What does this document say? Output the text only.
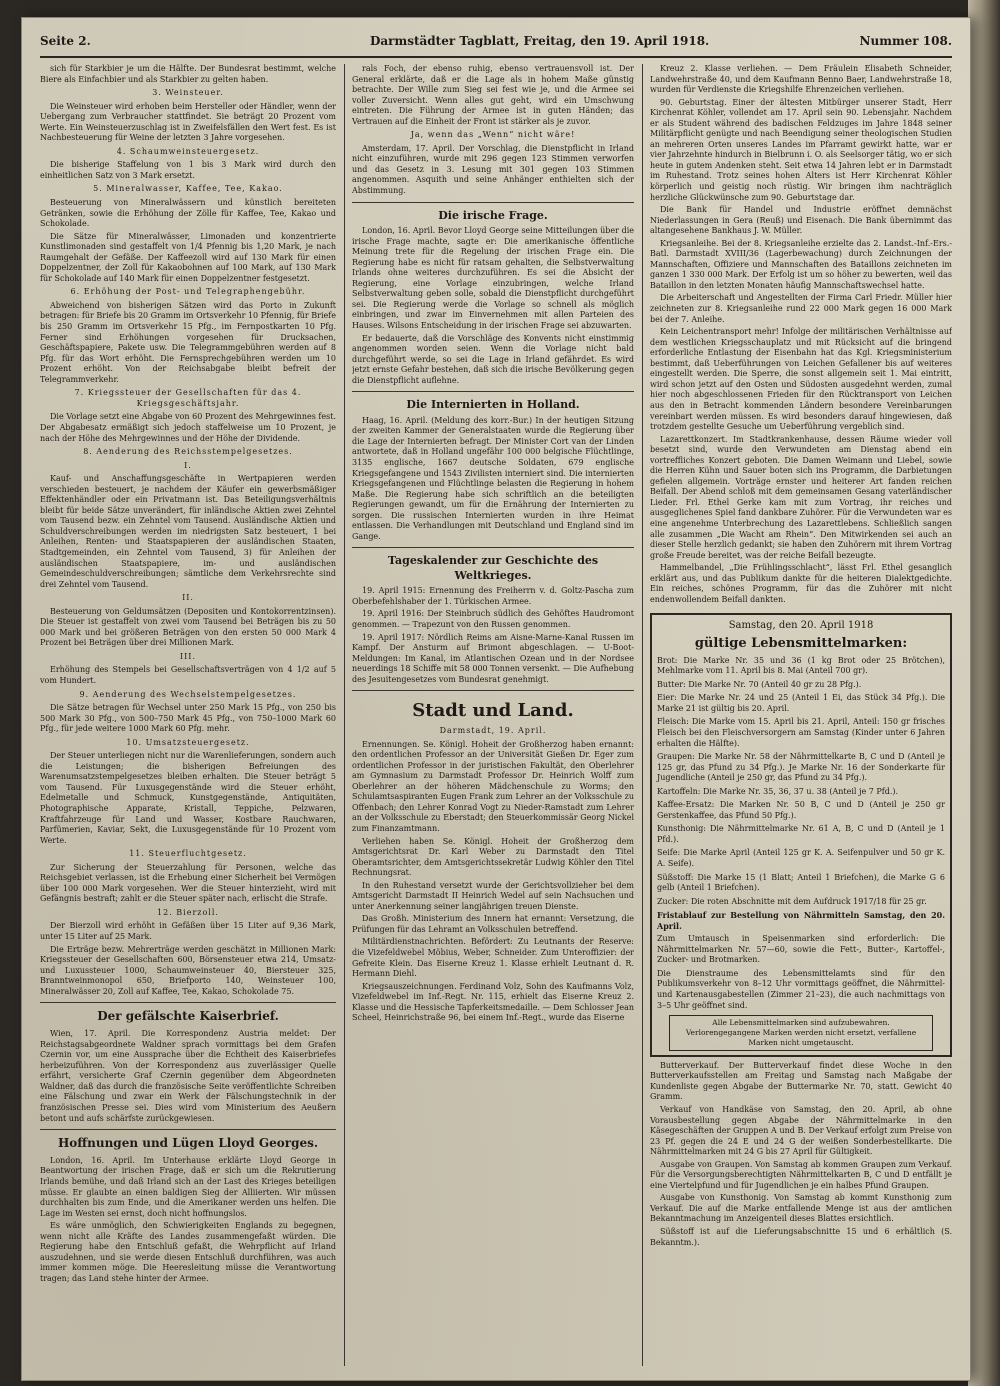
Seite 2.	Darmstädter Tagblatt, Freitag, den 19. April 1918.	Nummer 108.

sich für Starkbier je um die Hälfte. Der Bundesrat bestimmt, welche Biere als Einfachbier und als Starkbier zu gelten haben.

3. Weinsteuer.

Die Weinsteuer wird erhoben beim Hersteller oder Händler, wenn der Uebergang zum Verbraucher stattfindet. Sie beträgt 20 Prozent vom Werte. Ein Weinsteuerzuschlag ist in Zweifelsfällen den Wert fest. Es ist Nachbesteuerung für Weine der letzten 3 Jahre vorgesehen.

4. Schaumweinsteuergesetz.

Die bisherige Staffelung von 1 bis 3 Mark wird durch den einheitlichen Satz von 3 Mark ersetzt.

5. Mineralwasser, Kaffee, Tee, Kakao.

Besteuerung von Mineralwässern und künstlich bereiteten Getränken, sowie die Erhöhung der Zölle für Kaffee, Tee, Kakao und Schokolade.

Die Sätze für Mineralwässer, Limonaden und konzentrierte Kunstlimonaden sind gestaffelt von 1/4 Pfennig bis 1,20 Mark, je nach Raumgehalt der Gefäße. Der Kaffeezoll wird auf 130 Mark für einen Doppelzentner, der Zoll für Kakaobohnen auf 100 Mark, auf 130 Mark für Schokolade auf 140 Mark für einen Doppelzentner festgesetzt.

6. Erhöhung der Post- und Telegraphengebühr.

Abweichend von bisherigen Sätzen wird das Porto in Zukunft betragen: für Briefe bis 20 Gramm im Ortsverkehr 10 Pfennig, für Briefe bis 250 Gramm im Ortsverkehr 15 Pfg., im Fernpostkarten 10 Pfg. Ferner sind Erhöhungen vorgesehen für Drucksachen, Geschäftspapiere, Pakete usw. Die Telegrammgebühren werden auf 8 Pfg. für das Wort erhöht. Die Fernsprechgebühren werden um 10 Prozent erhöht. Von der Reichsabgabe bleibt befreit der Telegrammverkehr.

7. Kriegssteuer der Gesellschaften für das 4. Kriegsgeschäftsjahr.

Die Vorlage setzt eine Abgabe von 60 Prozent des Mehrgewinnes fest. Der Abgabesatz ermäßigt sich jedoch staffelweise um 10 Prozent, je nach der Höhe des Mehrgewinnes und der Höhe der Dividende.

8. Aenderung des Reichsstempelgesetzes.
I.

Kauf- und Anschaffungsgeschäfte in Wertpapieren werden verschieden besteuert, je nachdem der Käufer ein gewerbsmäßiger Effektenhändler oder ein Privatmann ist. Das Beteiligungsverhältnis bleibt für beide Sätze unverändert, für inländische Aktien zwei Zehntel vom Tausend bezw. ein Zehntel vom Tausend. Ausländische Aktien und Schuldverschreibungen werden im niedrigsten Satz besteuert, 1 bei Anleihen, Renten- und Staatspapieren der ausländischen Staaten, Stadtgemeinden, ein Zehntel vom Tausend, 3) für Anleihen der ausländischen Staatspapiere, im- und ausländischen Gemeindeschuldverschreibungen; sämtliche dem Verkehrsrechte sind drei Zehntel vom Tausend.

II.

Besteuerung von Geldumsätzen (Depositen und Kontokorrentzinsen). Die Steuer ist gestaffelt von zwei vom Tausend bei Beträgen bis zu 50 000 Mark und bei größeren Beträgen von den ersten 50 000 Mark 4 Prozent bei Beträgen über drei Millionen Mark.

III.

Erhöhung des Stempels bei Gesellschaftsverträgen von 4 1/2 auf 5 vom Hundert.

9. Aenderung des Wechselstempelgesetzes.

Die Sätze betragen für Wechsel unter 250 Mark 15 Pfg., von 250 bis 500 Mark 30 Pfg., von 500–750 Mark 45 Pfg., von 750–1000 Mark 60 Pfg., für jede weitere 1000 Mark 60 Pfg. mehr.

10. Umsatzsteuergesetz.

Der Steuer unterliegen nicht nur die Warenlieferungen, sondern auch die Leistungen; die bisherigen Befreiungen des Warenumsatzstempelgesetzes bleiben erhalten. Die Steuer beträgt 5 vom Tausend. Für Luxusgegenstände wird die Steuer erhöht, Edelmetalle und Schmuck, Kunstgegenstände, Antiquitäten, Photographische Apparate, Kristall, Teppiche, Pelzwaren, Kraftfahrzeuge für Land und Wasser, Kostbare Rauchwaren, Parfümerien, Kaviar, Sekt, die Luxusgegenstände für 10 Prozent vom Werte.

11. Steuerfluchtgesetz.

Zur Sicherung der Steuerzahlung für Personen, welche das Reichsgebiet verlassen, ist die Erhebung einer Sicherheit bei Vermögen über 100 000 Mark vorgesehen. Wer die Steuer hinterzieht, wird mit Gefängnis bestraft; zahlt er die Steuer später nach, erlischt die Strafe.

12. Bierzoll.

Der Bierzoll wird erhöht in Gefäßen über 15 Liter auf 9,36 Mark, unter 15 Liter auf 25 Mark.

Die Erträge bezw. Mehrerträge werden geschätzt in Millionen Mark: Kriegssteuer der Gesellschaften 600, Börsensteuer etwa 214, Umsatz- und Luxussteuer 1000, Schaumweinsteuer 40, Biersteuer 325, Branntweinmonopol 650, Briefporto 140, Weinsteuer 100, Mineralwässer 20, Zoll auf Kaffee, Tee, Kakao, Schokolade 75.

Der gefälschte Kaiserbrief.

Wien, 17. April. Die Korrespondenz Austria meldet: Der Reichstagsabgeordnete Waldner sprach vormittags bei dem Grafen Czernin vor, um eine Aussprache über die Echtheit des Kaiserbriefes herbeizuführen. Von der Korrespondenz aus zuverlässiger Quelle erfährt, versicherte Graf Czernin gegenüber dem Abgeordneten Waldner, daß das durch die französische Seite veröffentlichte Schreiben eine Fälschung und zwar ein Werk der Fälschungstechnik in der französischen Presse sei. Dies wird vom Ministerium des Aeußern betont und aufs schärfste zurückgewiesen.

Hoffnungen und Lügen Lloyd Georges.

London, 16. April. Im Unterhause erklärte Lloyd George in Beantwortung der irischen Frage, daß er sich um die Rekrutierung Irlands bemühe, und daß Irland sich an der Last des Krieges beteiligen müsse. Er glaubte an einen baldigen Sieg der Alliierten. Wir müssen durchhalten bis zum Ende, und die Amerikaner werden uns helfen. Die Lage im Westen sei ernst, doch nicht hoffnungslos.

Es wäre unmöglich, den Schwierigkeiten Englands zu begegnen, wenn nicht alle Kräfte des Landes zusammengefaßt würden. Die Regierung habe den Entschluß gefaßt, die Wehrpflicht auf Irland auszudehnen, und sie werde diesen Entschluß durchführen, was auch immer kommen möge. Die Heeresleitung müsse die Verantwortung tragen; das Land stehe hinter der Armee.

rals Foch, der ebenso ruhig, ebenso vertrauensvoll ist. Der General erklärte, daß er die Lage als in hohem Maße günstig betrachte. Der Wille zum Sieg sei fest wie je, und die Armee sei voller Zuversicht. Wenn alles gut geht, wird ein Umschwung eintreten. Die Führung der Armee ist in guten Händen; das Vertrauen auf die Einheit der Front ist stärker als je zuvor.

Ja, wenn das „Wenn“ nicht wäre!

Amsterdam, 17. April. Der Vorschlag, die Dienstpflicht in Irland nicht einzuführen, wurde mit 296 gegen 123 Stimmen verworfen und das Gesetz in 3. Lesung mit 301 gegen 103 Stimmen angenommen. Asquith und seine Anhänger enthielten sich der Abstimmung.

Die irische Frage.

London, 16. April. Bevor Lloyd George seine Mitteilungen über die irische Frage machte, sagte er: Die amerikanische öffentliche Meinung trete für die Regelung der irischen Frage ein. Die Regierung habe es nicht für ratsam gehalten, die Selbstverwaltung Irlands ohne weiteres durchzuführen. Es sei die Absicht der Regierung, eine Vorlage einzubringen, welche Irland Selbstverwaltung geben solle, sobald die Dienstpflicht durchgeführt sei. Die Regierung werde die Vorlage so schnell als möglich einbringen, und zwar im Einvernehmen mit allen Parteien des Hauses. Wilsons Entscheidung in der irischen Frage sei abzuwarten.

Er bedauerte, daß die Vorschläge des Konvents nicht einstimmig angenommen worden seien. Wenn die Vorlage nicht bald durchgeführt werde, so sei die Lage in Irland gefährdet. Es wird jetzt ernste Gefahr bestehen, daß sich die irische Bevölkerung gegen die Dienstpflicht auflehne.

Die Internierten in Holland.

Haag, 16. April. (Meldung des korr.-Bur.) In der heutigen Sitzung der zweiten Kammer der Generalstaaten wurde die Regierung über die Lage der Internierten befragt. Der Minister Cort van der Linden antwortete, daß in Holland ungefähr 100 000 belgische Flüchtlinge, 3135 englische, 1667 deutsche Soldaten, 679 englische Kriegsgefangene und 1543 Zivilisten interniert sind. Die internierten Kriegsgefangenen und Flüchtlinge belasten die Regierung in hohem Maße. Die Regierung habe sich schriftlich an die beteiligten Regierungen gewandt, um für die Ernährung der Internierten zu sorgen. Die russischen Internierten wurden in ihre Heimat entlassen. Die Verhandlungen mit Deutschland und England sind im Gange.

Tageskalender zur Geschichte des Weltkrieges.

19. April 1915: Ernennung des Freiherrn v. d. Goltz-Pascha zum Oberbefehlshaber der 1. Türkischen Armee.

19. April 1916: Der Steinbruch südlich des Gehöftes Haudromont genommen. — Trapezunt von den Russen genommen.

19. April 1917: Nördlich Reims am Aisne-Marne-Kanal Russen im Kampf. Der Ansturm auf Brimont abgeschlagen. — U-Boot-Meldungen: Im Kanal, im Atlantischen Ozean und in der Nordsee neuerdings 18 Schiffe mit 58 000 Tonnen versenkt. — Die Aufhebung des Jesuitengesetzes vom Bundesrat genehmigt.

Stadt und Land.
Darmstadt, 19. April.

Ernennungen. Se. Königl. Hoheit der Großherzog haben ernannt: den ordentlichen Professor an der Universität Gießen Dr. Eger zum ordentlichen Professor in der juristischen Fakultät, den Oberlehrer am Gymnasium zu Darmstadt Professor Dr. Heinrich Wolff zum Oberlehrer an der höheren Mädchenschule zu Worms; den Schulamtsaspiranten Eugen Frank zum Lehrer an der Volksschule zu Offenbach; den Lehrer Konrad Vogt zu Nieder-Ramstadt zum Lehrer an der Volksschule zu Eberstadt; den Steuerkommissär Georg Nickel zum Finanzamtmann.

Verliehen haben Se. Königl. Hoheit der Großherzog dem Amtsgerichtsrat Dr. Karl Weber zu Darmstadt den Titel Oberamtsrichter, dem Amtsgerichtssekretär Ludwig Köhler den Titel Rechnungsrat.

In den Ruhestand versetzt wurde der Gerichtsvollzieher bei dem Amtsgericht Darmstadt II Heinrich Wedel auf sein Nachsuchen und unter Anerkennung seiner langjährigen treuen Dienste.

Das Großh. Ministerium des Innern hat ernannt: Versetzung, die Prüfungen für das Lehramt an Volksschulen betreffend.

Militärdienstnachrichten. Befördert: Zu Leutnants der Reserve: die Vizefeldwebel Möbius, Weber, Schneider. Zum Unteroffizier: der Gefreite Klein. Das Eiserne Kreuz 1. Klasse erhielt Leutnant d. R. Hermann Diehl.

Kriegsauszeichnungen. Ferdinand Volz, Sohn des Kaufmanns Volz, Vizefeldwebel im Inf.-Regt. Nr. 115, erhielt das Eiserne Kreuz 2. Klasse und die Hessische Tapferkeitsmedaille. — Dem Schlosser Jean Scheel, Heinrichstraße 96, bei einem Inf.-Regt., wurde das Eiserne

Kreuz 2. Klasse verliehen. — Dem Fräulein Elisabeth Schneider, Landwehrstraße 40, und dem Kaufmann Benno Baer, Landwehrstraße 18, wurden für Verdienste die Kriegshilfe Ehrenzeichen verliehen.

90. Geburtstag. Einer der ältesten Mitbürger unserer Stadt, Herr Kirchenrat Köhler, vollendet am 17. April sein 90. Lebensjahr. Nachdem er als Student während des badischen Feldzuges im Jahre 1848 seiner Militärpflicht genügte und nach Beendigung seiner theologischen Studien an mehreren Orten unseres Landes im Pfarramt gewirkt hatte, war er vier Jahrzehnte hindurch in Bielbrunn i. O. als Seelsorger tätig, wo er sich heute in gutem Andenken steht. Seit etwa 14 Jahren lebt er in Darmstadt im Ruhestand. Trotz seines hohen Alters ist Herr Kirchenrat Köhler körperlich und geistig noch rüstig. Wir bringen ihm nachträglich herzliche Glückwünsche zum 90. Geburtstage dar.

Die Bank für Handel und Industrie eröffnet demnächst Niederlassungen in Gera (Reuß) und Eisenach. Die Bank übernimmt das altangesehene Bankhaus J. W. Müller.

Kriegsanleihe. Bei der 8. Kriegsanleihe erzielte das 2. Landst.-Inf.-Ers.-Batl. Darmstadt XVIII/36 (Lagerbewachung) durch Zeichnungen der Mannschaften, Offiziere und Mannschaften des Bataillons zeichneten im ganzen 1 330 000 Mark. Der Erfolg ist um so höher zu bewerten, weil das Bataillon in den letzten Monaten häufig Mannschaftswechsel hatte.

Die Arbeiterschaft und Angestellten der Firma Carl Friedr. Müller hier zeichneten zur 8. Kriegsanleihe rund 22 000 Mark gegen 16 000 Mark bei der 7. Anleihe.

Kein Leichentransport mehr! Infolge der militärischen Verhältnisse auf dem westlichen Kriegsschauplatz und mit Rücksicht auf die bringend erforderliche Entlastung der Eisenbahn hat das Kgl. Kriegsministerium bestimmt, daß Ueberführungen von Leichen Gefallener bis auf weiteres eingestellt werden. Die Sperre, die sonst allgemein seit 1. Mai eintritt, wird schon jetzt auf den Osten und Südosten ausgedehnt werden, zumal hier noch abgeschlossenen Frieden für den Rücktransport von Leichen aus den in Betracht kommenden Ländern besondere Vereinbarungen vereinbart werden müssen. Es wird besonders darauf hingewiesen, daß trotzdem gestellte Gesuche um Ueberführung vergeblich sind.

Lazarettkonzert. Im Stadtkrankenhause, dessen Räume wieder voll besetzt sind, wurde den Verwundeten am Dienstag abend ein vortreffliches Konzert geboten. Die Damen Weimann und Liebel, sowie die Herren Kühn und Sauer boten sich ins Programm, die Darbietungen gefielen allgemein. Vorträge ernster und heiterer Art fanden reichen Beifall. Der Abend schloß mit dem gemeinsamen Gesang vaterländischer Lieder. Frl. Ethel Gerke kam mit zum Vortrag, ihr reiches und ausgeglichenes Spiel fand dankbare Zuhörer. Für die Verwundeten war es eine angenehme Unterbrechung des Lazarettlebens. Schließlich sangen alle zusammen „Die Wacht am Rhein“. Den Mitwirkenden sei auch an dieser Stelle herzlich gedankt; sie haben den Zuhörern mit ihrem Vortrag große Freude bereitet, was der reiche Beifall bezeugte.

Hammelbandel, „Die Frühlingsschlacht“, lässt Frl. Ethel gesanglich erklärt aus, und das Publikum dankte für die heiteren Dialektgedichte. Ein reiches, schönes Programm, für das die Zuhörer mit nicht endenwollendem Beifall dankten.

Samstag, den 20. April 1918
gültige Lebensmittelmarken:

Brot: Die Marke Nr. 35 und 36 (1 kg Brot oder 25 Brötchen), Mehlmarke vom 11. April bis 8. Mai (Anteil 700 gr).

Butter: Die Marke Nr. 70 (Anteil 40 gr zu 28 Pfg.).

Eier: Die Marke Nr. 24 und 25 (Anteil 1 Ei, das Stück 34 Pfg.). Die Marke 21 ist gültig bis 20. April.

Fleisch: Die Marke vom 15. April bis 21. April, Anteil: 150 gr frisches Fleisch bei den Fleischversorgern am Samstag (Kinder unter 6 Jahren erhalten die Hälfte).

Graupen: Die Marke Nr. 58 der Nährmittelkarte B, C und D (Anteil je 125 gr, das Pfund zu 34 Pfg.). Je Marke Nr. 16 der Sonderkarte für Jugendliche (Anteil je 250 gr, das Pfund zu 34 Pfg.).

Kartoffeln: Die Marke Nr. 35, 36, 37 u. 38 (Anteil je 7 Pfd.).

Kaffee-Ersatz: Die Marken Nr. 50 B, C und D (Anteil je 250 gr Gerstenkaffee, das Pfund 50 Pfg.).

Kunsthonig: Die Nährmittelmarke Nr. 61 A, B, C und D (Anteil je 1 Pfd.).

Seife: Die Marke April (Anteil 125 gr K. A. Seifenpulver und 50 gr K. A. Seife).

Süßstoff: Die Marke 15 (1 Blatt; Anteil 1 Briefchen), die Marke G 6 gelb (Anteil 1 Briefchen).

Zucker: Die roten Abschnitte mit dem Aufdruck 1917/18 für 25 gr.

Fristablauf zur Bestellung von Nährmitteln Samstag, den 20. April.

Zum Umtausch in Speisenmarken sind erforderlich: Die Nährmittelmarken Nr. 57—60, sowie die Fett-, Butter-, Kartoffel-, Zucker- und Brotmarken.

Die Dienstraume des Lebensmittelamts sind für den Publikumsverkehr von 8–12 Uhr vormittags geöffnet, die Nährmittel- und Kartenausgabestellen (Zimmer 21–23), die auch nachmittags von 3–5 Uhr geöffnet sind.

Alle Lebensmittelmarken sind aufzubewahren. Verlorengegangene Marken werden nicht ersetzt, verfallene Marken nicht umgetauscht.

Butterverkauf. Der Butterverkauf findet diese Woche in den Butterverkaufsstellen am Freitag und Samstag nach Maßgabe der Kundenliste gegen Abgabe der Buttermarke Nr. 70, statt. Gewicht 40 Gramm.

Verkauf von Handkäse von Samstag, den 20. April, ab ohne Vorausbestellung gegen Abgabe der Nährmittelmarke in den Käsegeschäften der Gruppen A und B. Der Verkauf erfolgt zum Preise von 23 Pf. gegen die 24 E und 24 G der weißen Sonderbestellkarte. Die Nährmittelmarken mit 24 G bis 27 April für Gültigkeit.

Ausgabe von Graupen. Von Samstag ab kommen Graupen zum Verkauf. Für die Versorgungsberechtigten Nährmittelkarten B, C und D entfällt je eine Viertelpfund und für Jugendlichen je ein halbes Pfund Graupen.

Ausgabe von Kunsthonig. Von Samstag ab kommt Kunsthonig zum Verkauf. Die auf die Marke entfallende Menge ist aus der amtlichen Bekanntmachung im Anzeigenteil dieses Blattes ersichtlich.

Süßstoff ist auf die Lieferungsabschnitte 15 und 6 erhältlich (S. Bekanntm.).
